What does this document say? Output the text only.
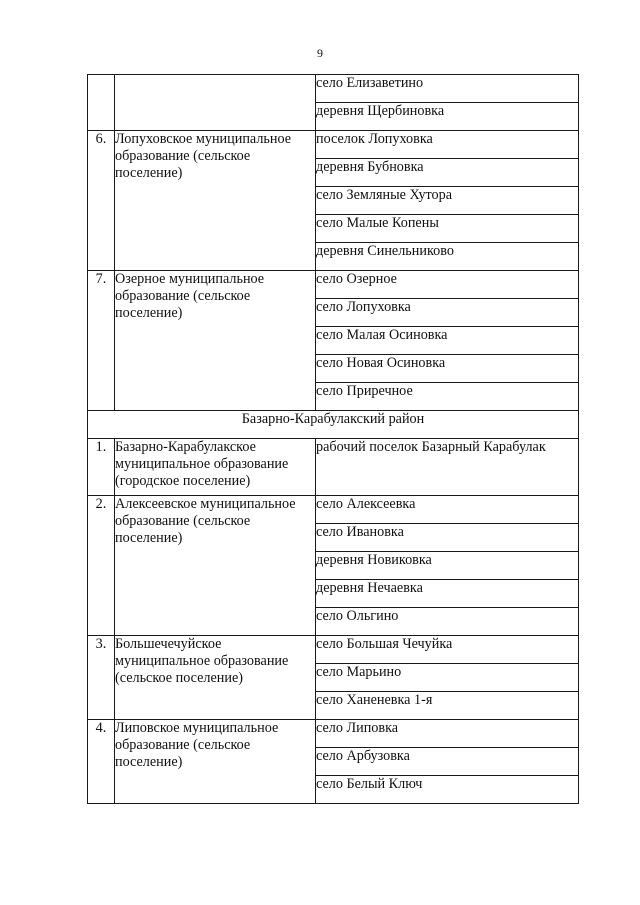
9
		село Елизаветино
		деревня Щербиновка
6.	Лопуховское муниципальное образование (сельское поселение)	поселок Лопуховка
		деревня Бубновка
		село Земляные Хутора
		село Малые Копены
		деревня Синельниково
7.	Озерное муниципальное образование (сельское поселение)	село Озерное
		село Лопуховка
		село Малая Осиновка
		село Новая Осиновка
		село Приречное
Базарно-Карабулакский район		
1.	Базарно-Карабулакское муниципальное образование (городское поселение)	рабочий поселок Базарный Карабулак
2.	Алексеевское муниципальное образование (сельское поселение)	село Алексеевка
		село Ивановка
		деревня Новиковка
		деревня Нечаевка
		село Ольгино
3.	Большечечуйское муниципальное образование (сельское поселение)	село Большая Чечуйка
		село Марьино
		село Ханеневка 1-я
4.	Липовское муниципальное образование (сельское поселение)	село Липовка
		село Арбузовка
		село Белый Ключ
